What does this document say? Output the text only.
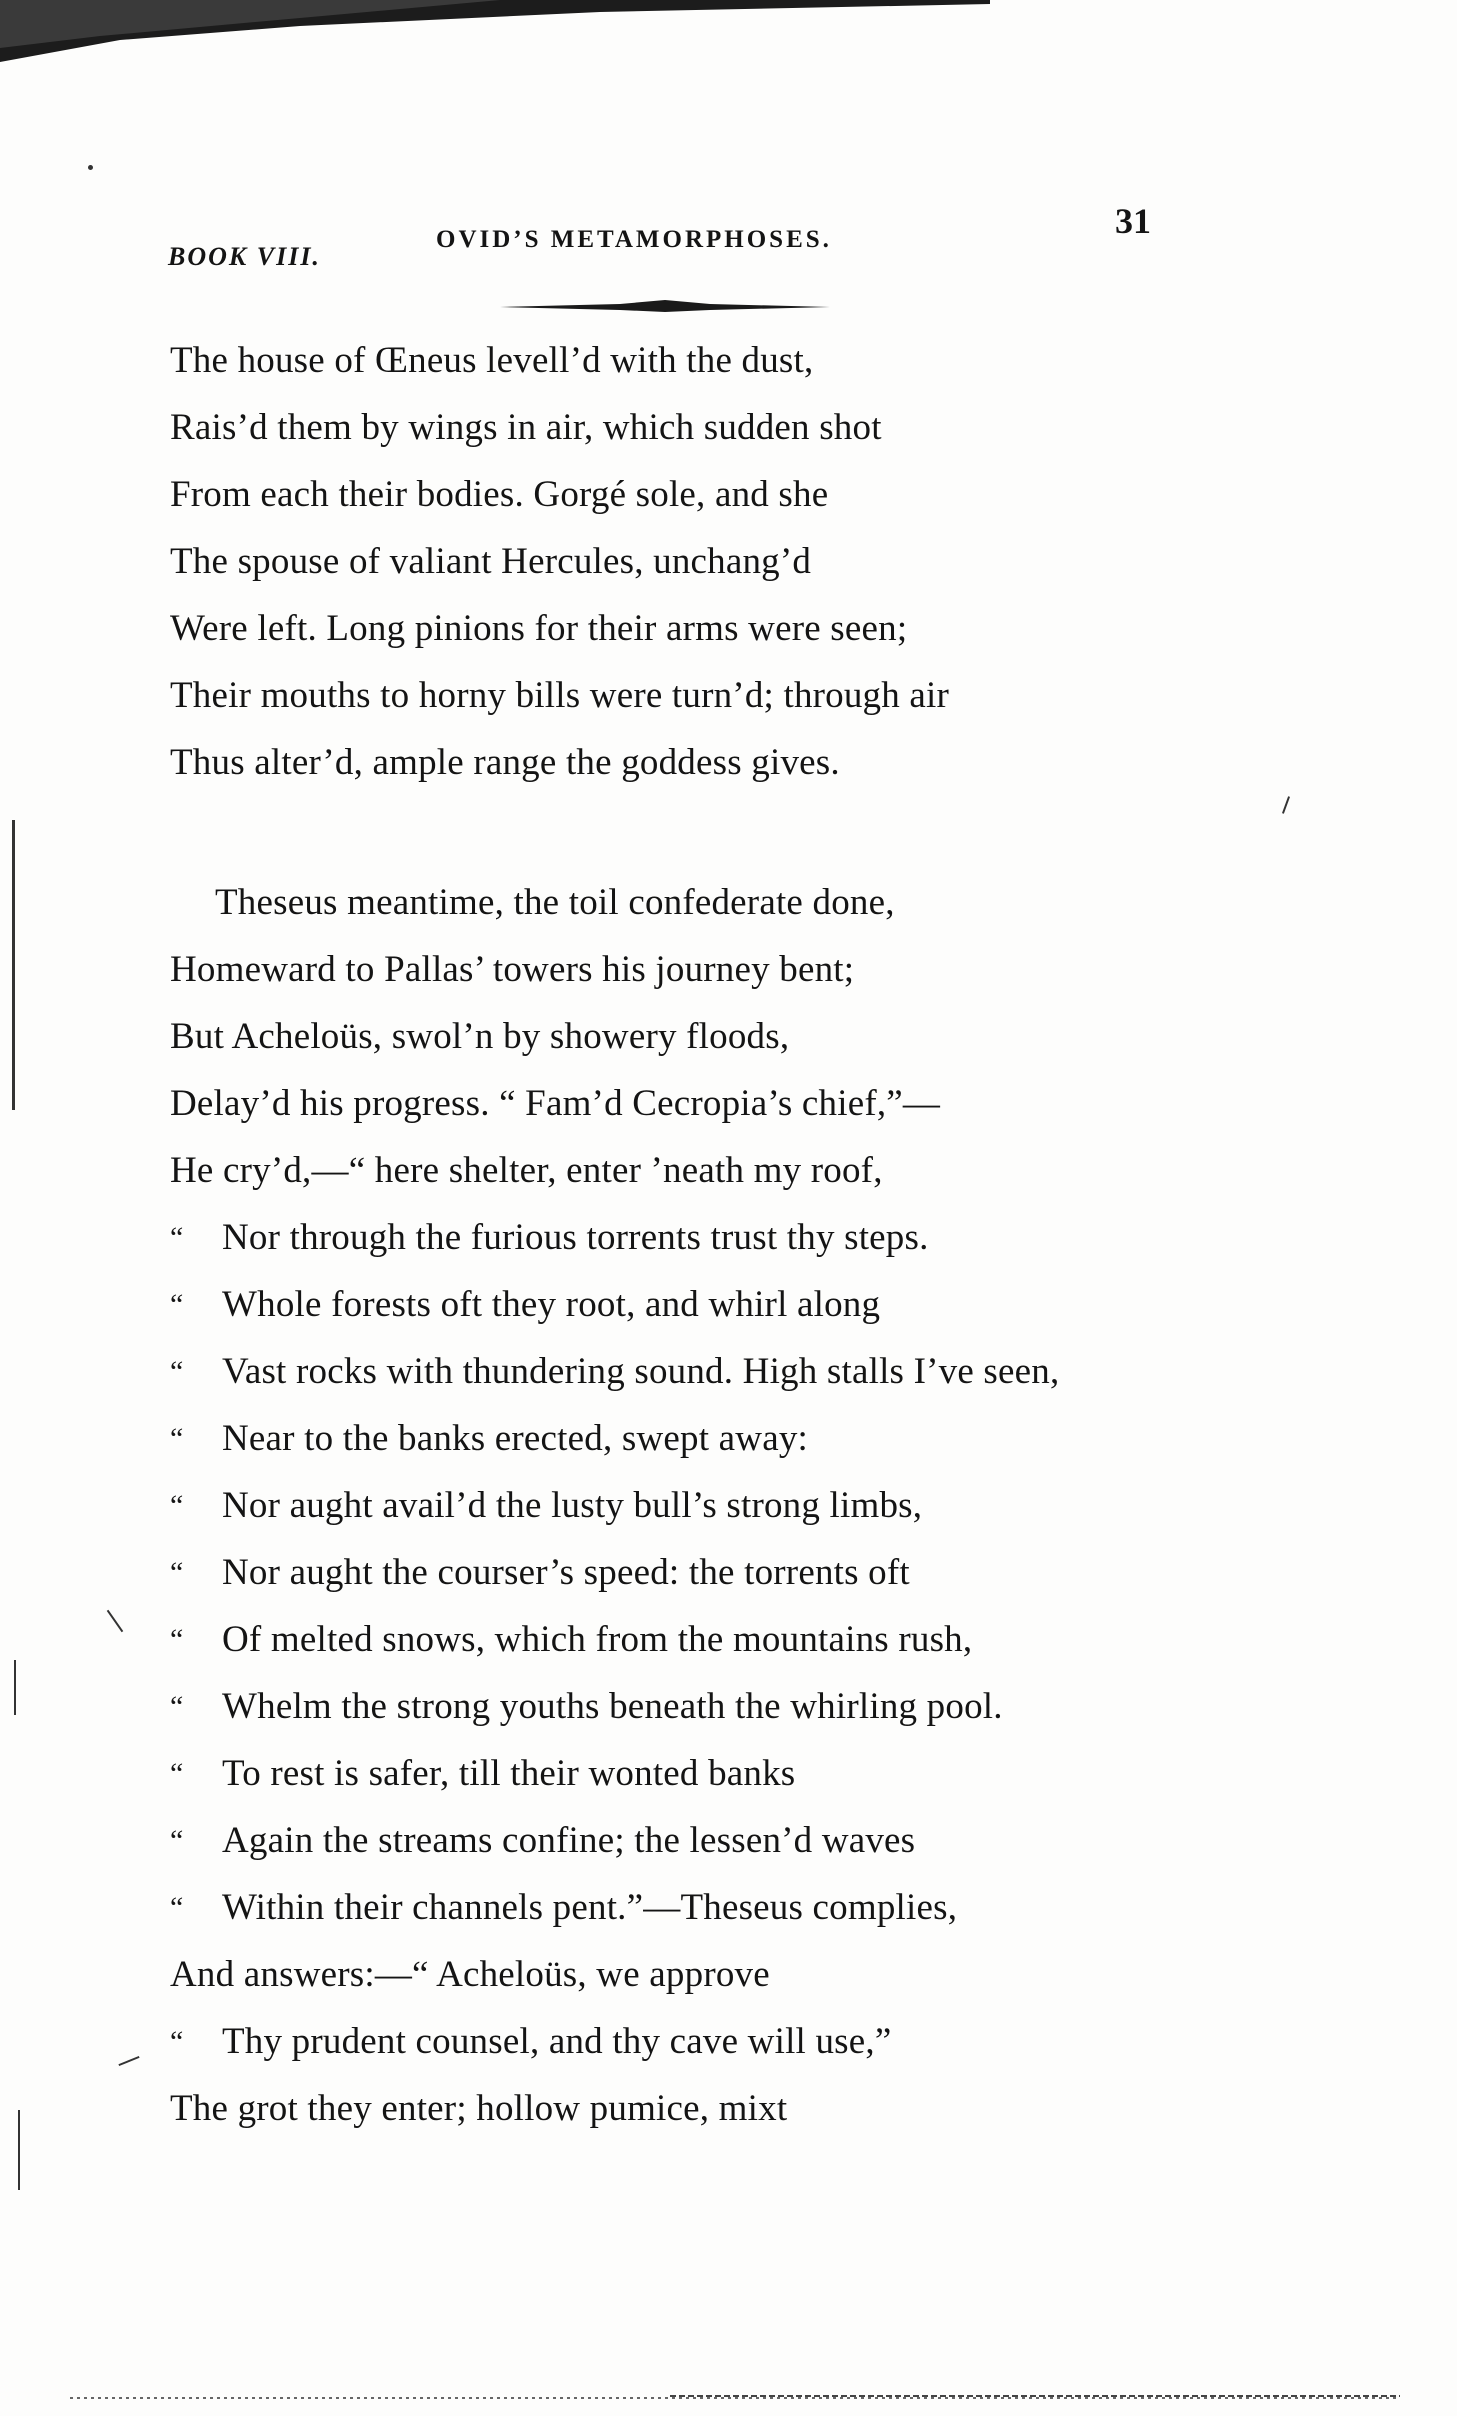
BOOK VIII.
OVID’S METAMORPHOSES.	31
The house of Œneus levell’d with the dust,
Rais’d them by wings in air, which sudden shot
From each their bodies. Gorgé sole, and she
The spouse of valiant Hercules, unchang’d
Were left. Long pinions for their arms were seen;
Their mouths to horny bills were turn’d; through air
Thus alter’d, ample range the goddess gives.
Theseus meantime, the toil confederate done,
Homeward to Pallas’ towers his journey bent;
But Acheloüs, swol’n by showery floods,
Delay’d his progress. “ Fam’d Cecropia’s chief,”—
He cry’d,—“ here shelter, enter ’neath my roof,
“	Nor through the furious torrents trust thy steps.
“	Whole forests oft they root, and whirl along
“	Vast rocks with thundering sound. High stalls I’ve seen,
“	Near to the banks erected, swept away:
“	Nor aught avail’d the lusty bull’s strong limbs,
“	Nor aught the courser’s speed: the torrents oft
“	Of melted snows, which from the mountains rush,
“	Whelm the strong youths beneath the whirling pool.
“	To rest is safer, till their wonted banks
“	Again the streams confine; the lessen’d waves
“	Within their channels pent.”—Theseus complies,
And answers:—“ Acheloüs, we approve
“	Thy prudent counsel, and thy cave will use,”
The grot they enter; hollow pumice, mixt
